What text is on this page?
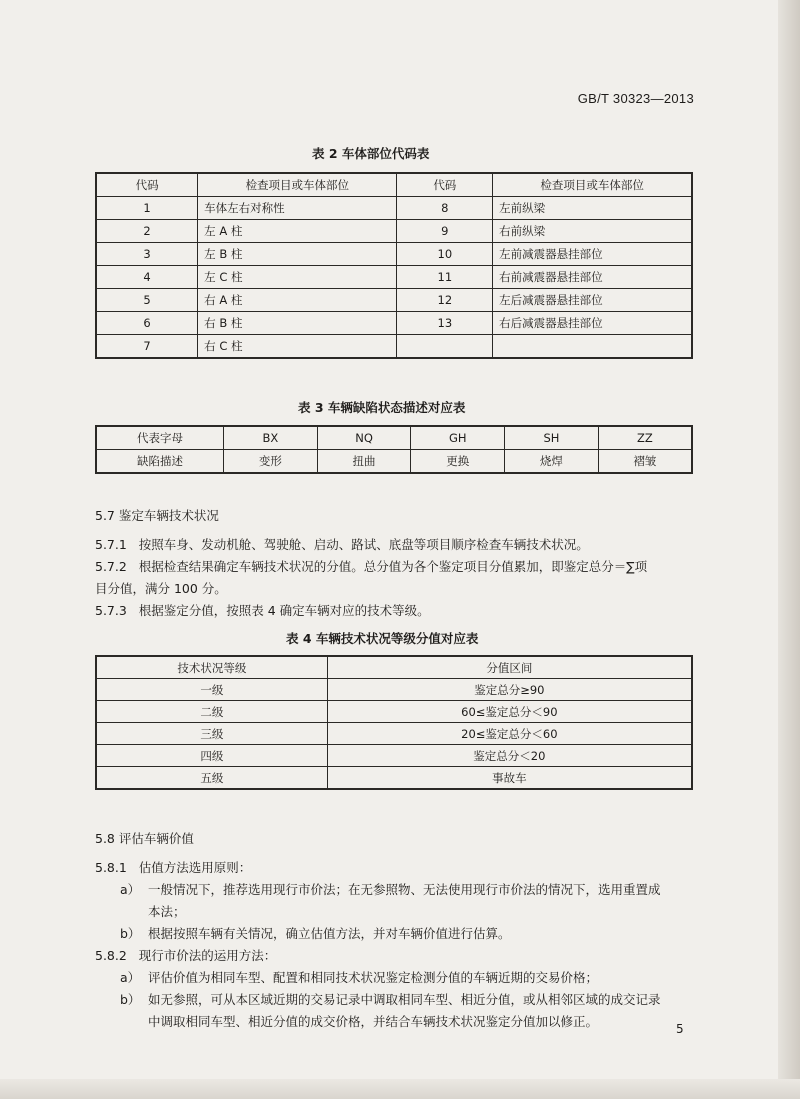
GB/T 30323—2013
表 2 车体部位代码表
代码	检查项目或车体部位	代码	检查项目或车体部位
1	车体左右对称性	8	左前纵梁
2	左 A 柱	9	右前纵梁
3	左 B 柱	10	左前减震器悬挂部位
4	左 C 柱	11	右前减震器悬挂部位
5	右 A 柱	12	左后减震器悬挂部位
6	右 B 柱	13	右后减震器悬挂部位
7	右 C 柱		
表 3 车辆缺陷状态描述对应表
代表字母	BX	NQ	GH	SH	ZZ
缺陷描述	变形	扭曲	更换	烧焊	褶皱
5.7 鉴定车辆技术状况
5.7.1 按照车身、发动机舱、驾驶舱、启动、路试、底盘等项目顺序检查车辆技术状况。
5.7.2 根据检查结果确定车辆技术状况的分值。总分值为各个鉴定项目分值累加，即鉴定总分＝∑项
目分值，满分 100 分。
5.7.3 根据鉴定分值，按照表 4 确定车辆对应的技术等级。
表 4 车辆技术状况等级分值对应表
技术状况等级	分值区间
一级	鉴定总分≥90
二级	60≤鉴定总分＜90
三级	20≤鉴定总分＜60
四级	鉴定总分＜20
五级	事故车
5.8 评估车辆价值
5.8.1 估值方法选用原则：
a） 一般情况下，推荐选用现行市价法；在无参照物、无法使用现行市价法的情况下，选用重置成
本法；
b） 根据按照车辆有关情况，确立估值方法，并对车辆价值进行估算。
5.8.2 现行市价法的运用方法：
a） 评估价值为相同车型、配置和相同技术状况鉴定检测分值的车辆近期的交易价格；
b） 如无参照，可从本区域近期的交易记录中调取相同车型、相近分值，或从相邻区域的成交记录
中调取相同车型、相近分值的成交价格，并结合车辆技术状况鉴定分值加以修正。	5
